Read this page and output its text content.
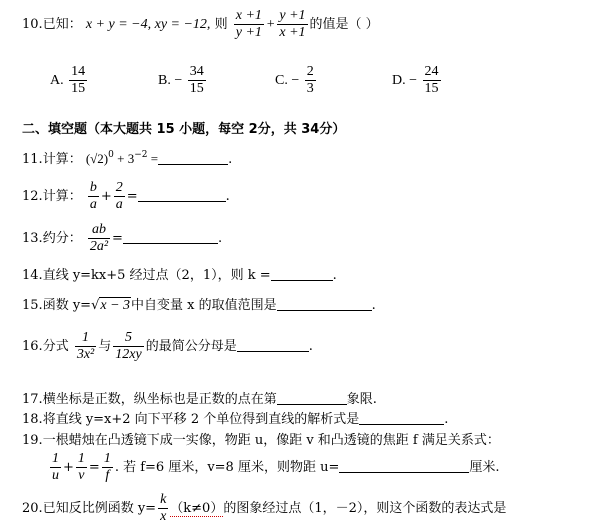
10.已知： x + y = −4, xy = −12, 则 $\frac{x +1}{y +1} + \frac{y +1}{x +1}$ 的值是（ ）
A. $\frac{14}{15}$	B. − $\frac{34}{15}$	C. − $\frac{2}{3}$	D. − $\frac{24}{15}$
二、填空题（本大题共 15 小题，每空 2分，共 34分）
11.计算： $(√2)^0 + 3^{-2}$ =	.
12.计算： $\frac{b}{a} + \frac{2}{a}$ =	.
13.约分： $\frac{ab}{\text{2a²}}$ =	.
14.直线 y=kx+5 经过点（2，1），则 k =	.
15.函数 y=√x − 3中自变量 x 的取值范围是	.
16.分式 $\frac{1}{\text{3x²}}$ 与 $\frac{5}{12xy}$ 的最简公分母是	.
17.横坐标是正数，纵坐标也是正数的点在第	象限.
18.将直线 y=x+2 向下平移 2 个单位得到直线的解析式是	.
19.一根蜡烛在凸透镜下成一实像，物距 u，像距 v 和凸透镜的焦距 f 满足关系式：
$\frac{1}{u} + \frac{1}{v} = \frac{1}{f}$ . 若 f=6 厘米，v=8 厘米，则物距 u=	厘米.
20.已知反比例函数 $y= \frac{k}{x} (k\ne 0)$的图象经过点（1，－2），则这个函数的表达式是
